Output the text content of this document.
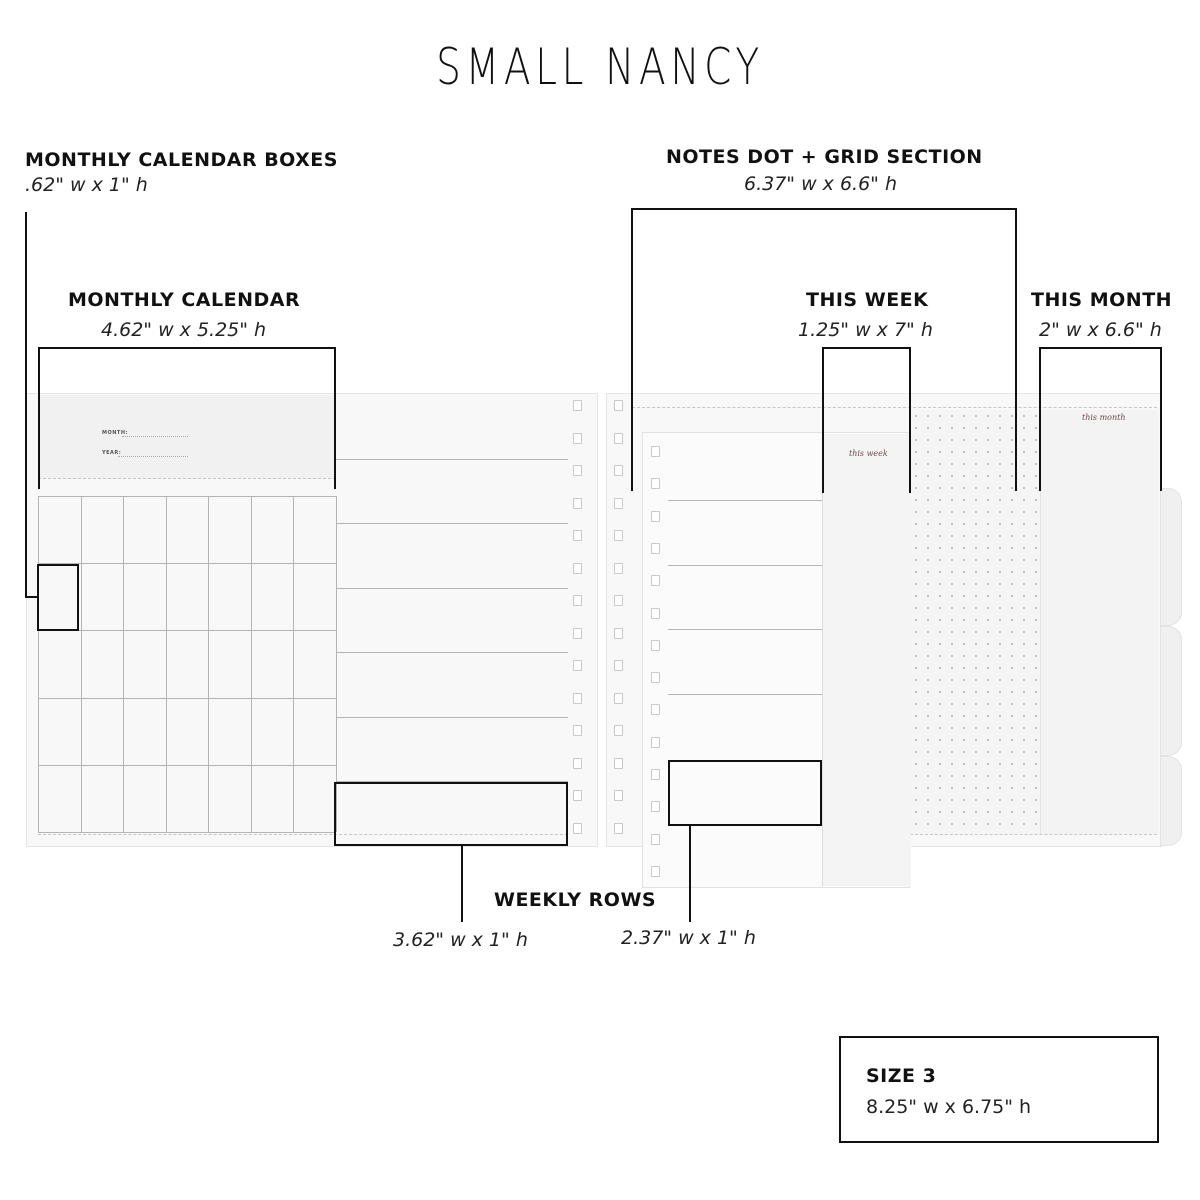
SMALL NANCY
MONTH:
YEAR:
this month
this week
MONTHLY CALENDAR BOXES
.62" w x 1" h
MONTHLY CALENDAR
4.62" w x 5.25" h
NOTES DOT + GRID SECTION
6.37" w x 6.6" h
THIS WEEK
1.25" w x 7" h
THIS MONTH
2" w x 6.6" h
WEEKLY ROWS
3.62" w x 1" h	2.37" w x 1" h
SIZE 3
8.25" w x 6.75" h
